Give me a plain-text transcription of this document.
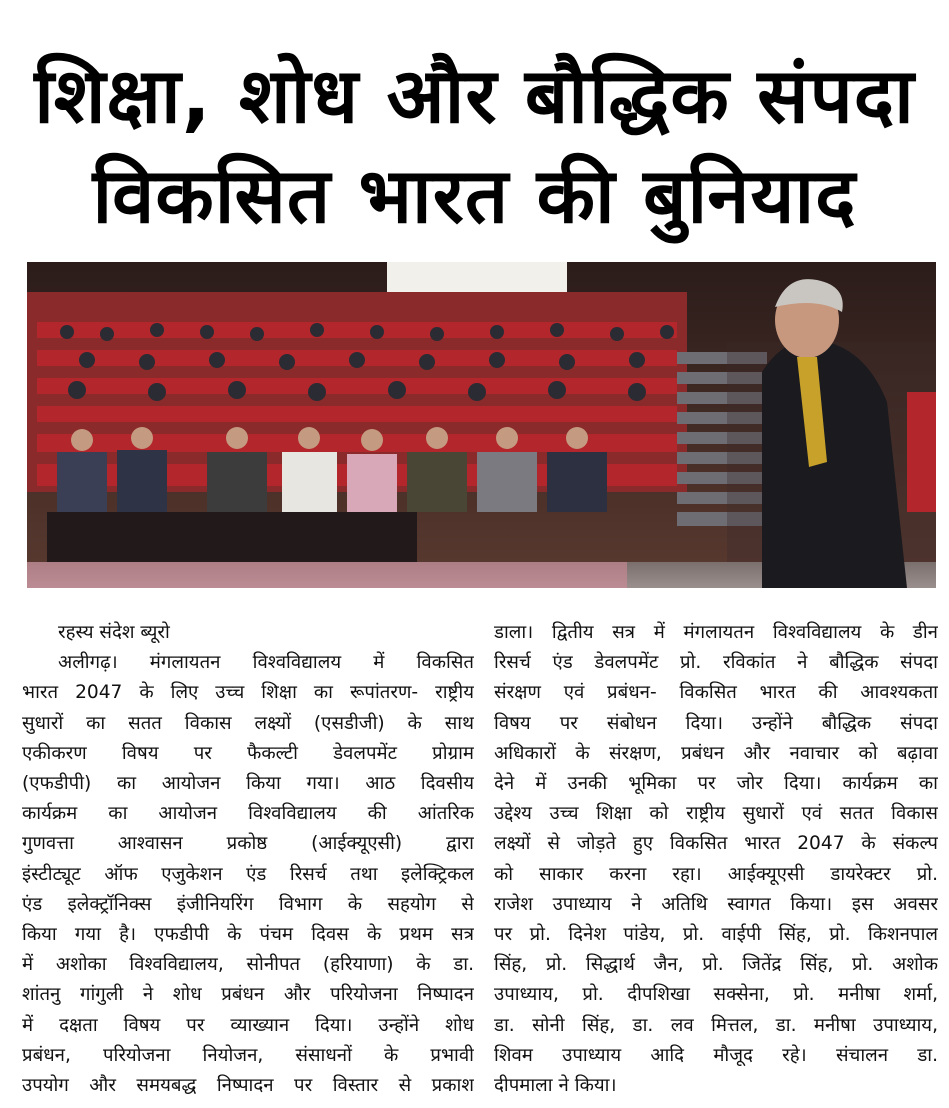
शिक्षा, शोध और बौद्धिक संपदा
विकसित भारत की बुनियाद
रहस्य संदेश ब्यूरो
अलीगढ़। मंगलायतन विश्वविद्यालय में विकसित
भारत 2047 के लिए उच्च शिक्षा का रूपांतरण- राष्ट्रीय
सुधारों का सतत विकास लक्ष्यों (एसडीजी) के साथ
एकीकरण विषय पर फैकल्टी डेवलपमेंट प्रोग्राम
(एफडीपी) का आयोजन किया गया। आठ दिवसीय
कार्यक्रम का आयोजन विश्वविद्यालय की आंतरिक
गुणवत्ता आश्वासन प्रकोष्ठ (आईक्यूएसी) द्वारा
इंस्टीट्यूट ऑफ एजुकेशन एंड रिसर्च तथा इलेक्ट्रिकल
एंड इलेक्ट्रॉनिक्स इंजीनियरिंग विभाग के सहयोग से
किया गया है। एफडीपी के पंचम दिवस के प्रथम सत्र
में अशोका विश्वविद्यालय, सोनीपत (हरियाणा) के डा.
शांतनु गांगुली ने शोध प्रबंधन और परियोजना निष्पादन
में दक्षता विषय पर व्याख्यान दिया। उन्होंने शोध
प्रबंधन, परियोजना नियोजन, संसाधनों के प्रभावी
उपयोग और समयबद्ध निष्पादन पर विस्तार से प्रकाश
डाला। द्वितीय सत्र में मंगलायतन विश्वविद्यालय के डीन
रिसर्च एंड डेवलपमेंट प्रो. रविकांत ने बौद्धिक संपदा
संरक्षण एवं प्रबंधन- विकसित भारत की आवश्यकता
विषय पर संबोधन दिया। उन्होंने बौद्धिक संपदा
अधिकारों के संरक्षण, प्रबंधन और नवाचार को बढ़ावा
देने में उनकी भूमिका पर जोर दिया। कार्यक्रम का
उद्देश्य उच्च शिक्षा को राष्ट्रीय सुधारों एवं सतत विकास
लक्ष्यों से जोड़ते हुए विकसित भारत 2047 के संकल्प
को साकार करना रहा। आईक्यूएसी डायरेक्टर प्रो.
राजेश उपाध्याय ने अतिथि स्वागत किया। इस अवसर
पर प्रो. दिनेश पांडेय, प्रो. वाईपी सिंह, प्रो. किशनपाल
सिंह, प्रो. सिद्धार्थ जैन, प्रो. जितेंद्र सिंह, प्रो. अशोक
उपाध्याय, प्रो. दीपशिखा सक्सेना, प्रो. मनीषा शर्मा,
डा. सोनी सिंह, डा. लव मित्तल, डा. मनीषा उपाध्याय,
शिवम उपाध्याय आदि मौजूद रहे। संचालन डा.
दीपमाला ने किया।
